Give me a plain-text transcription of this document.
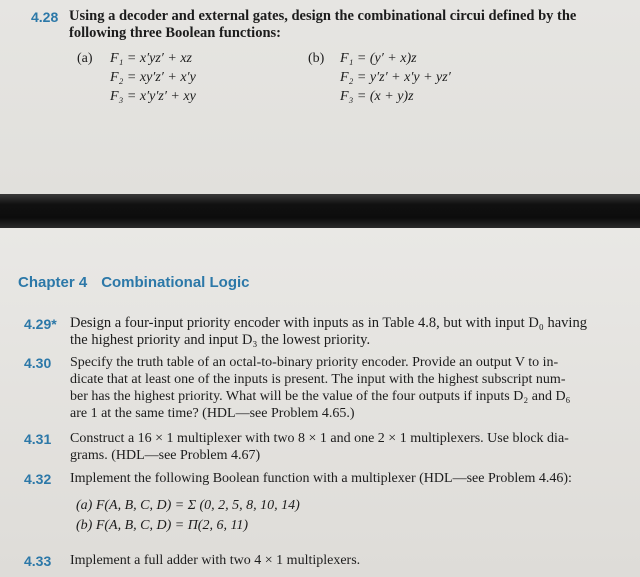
4.28 Using a decoder and external gates, design the combinational circui defined by the
following three Boolean functions:
(a) F₁ = x′yz′ + xz
F₂ = xy′z′ + x′y
F₃ = x′y′z′ + xy
(b) F₁ = (y′ + x)z
F₂ = y′z′ + x′y + yz′
F₃ = (x + y)z
Chapter 4 Combinational Logic
4.29* Design a four-input priority encoder with inputs as in Table 4.8, but with input D₀ having
the highest priority and input D₃ the lowest priority.
4.30 Specify the truth table of an octal-to-binary priority encoder. Provide an output V to in-
dicate that at least one of the inputs is present. The input with the highest subscript num-
ber has the highest priority. What will be the value of the four outputs if inputs D₂ and D₆
are 1 at the same time? (HDL—see Problem 4.65.)
4.31 Construct a 16 × 1 multiplexer with two 8 × 1 and one 2 × 1 multiplexers. Use block dia-
grams. (HDL—see Problem 4.67)
4.32 Implement the following Boolean function with a multiplexer (HDL—see Problem 4.46):
(a) F(A, B, C, D) = Σ (0, 2, 5, 8, 10, 14)
(b) F(A, B, C, D) = Π(2, 6, 11)
4.33 Implement a full adder with two 4 × 1 multiplexers.
